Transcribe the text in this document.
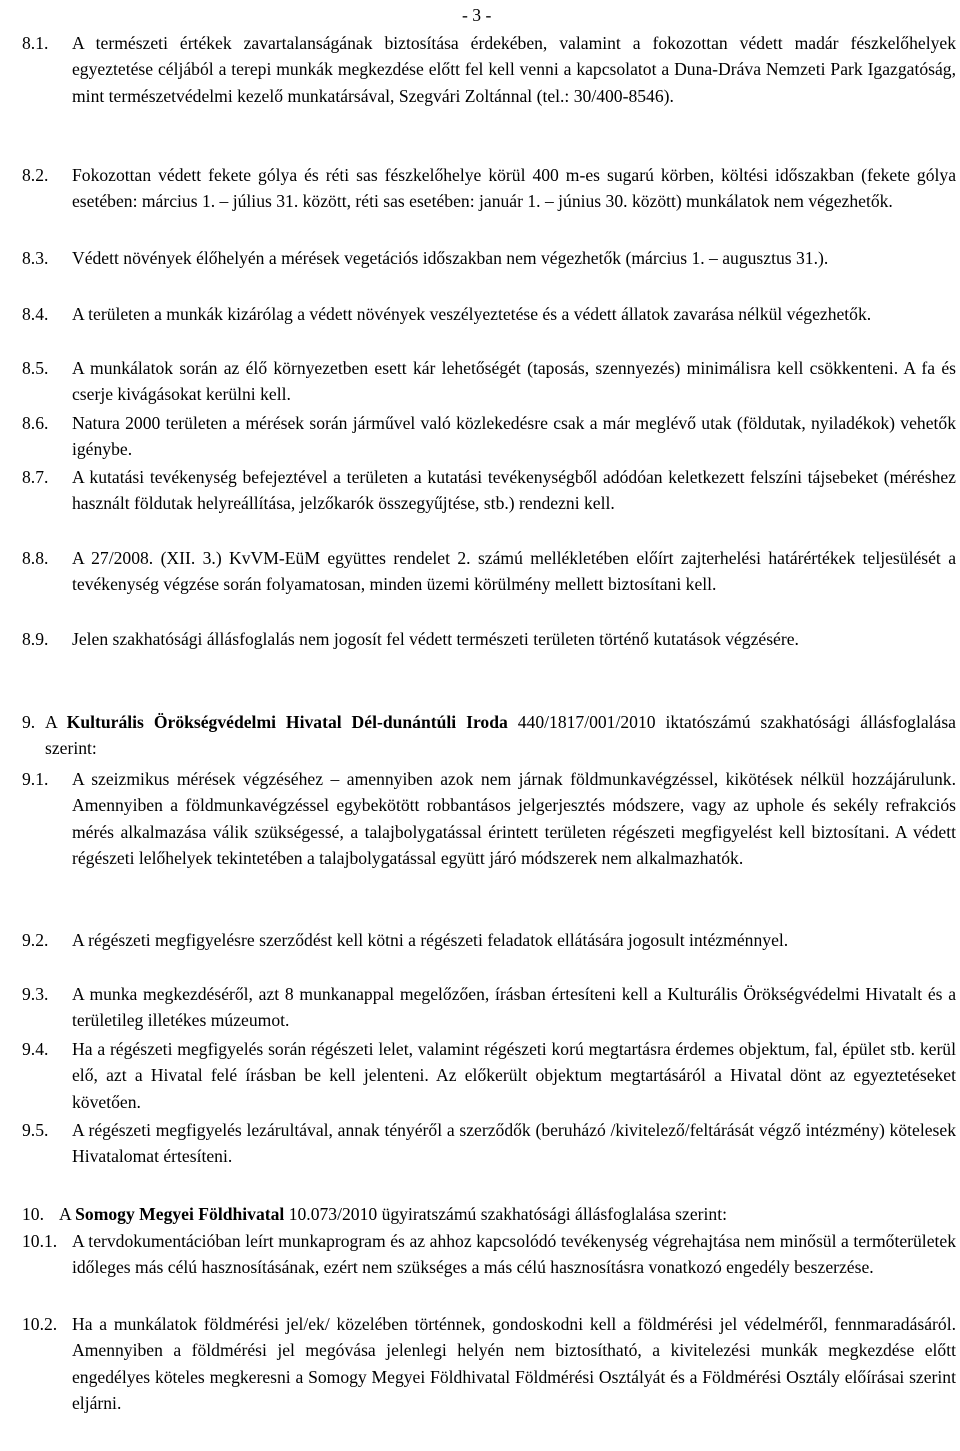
- 3 -
8.1. A természeti értékek zavartalanságának biztosítása érdekében, valamint a fokozottan védett madár fészkelőhelyek egyeztetése céljából a terepi munkák megkezdése előtt fel kell venni a kapcsolatot a Duna-Dráva Nemzeti Park Igazgatóság, mint természetvédelmi kezelő munkatársával, Szegvári Zoltánnal (tel.: 30/400-8546).
8.2. Fokozottan védett fekete gólya és réti sas fészkelőhelye körül 400 m-es sugarú körben, költési időszakban (fekete gólya esetében: március 1. – július 31. között, réti sas esetében: január 1. – június 30. között) munkálatok nem végezhetők.
8.3. Védett növények élőhelyén a mérések vegetációs időszakban nem végezhetők (március 1. – augusztus 31.).
8.4. A területen a munkák kizárólag a védett növények veszélyeztetése és a védett állatok zavarása nélkül végezhetők.
8.5. A munkálatok során az élő környezetben esett kár lehetőségét (taposás, szennyezés) minimálisra kell csökkenteni. A fa és cserje kivágásokat kerülni kell.
8.6. Natura 2000 területen a mérések során járművel való közlekedésre csak a már meglévő utak (földutak, nyiladékok) vehetők igénybe.
8.7. A kutatási tevékenység befejeztével a területen a kutatási tevékenységből adódóan keletkezett felszíni tájsebeket (méréshez használt földutak helyreállítása, jelzőkarók összegyűjtése, stb.) rendezni kell.
8.8. A 27/2008. (XII. 3.) KvVM-EüM együttes rendelet 2. számú mellékletében előírt zajterhelési határértékek teljesülését a tevékenység végzése során folyamatosan, minden üzemi körülmény mellett biztosítani kell.
8.9. Jelen szakhatósági állásfoglalás nem jogosít fel védett természeti területen történő kutatások végzésére.
9. A Kulturális Örökségvédelmi Hivatal Dél-dunántúli Iroda 440/1817/001/2010 iktatószámú szakhatósági állásfoglalása szerint:
9.1. A szeizmikus mérések végzéséhez – amennyiben azok nem járnak földmunkavégzéssel, kikötések nélkül hozzájárulunk. Amennyiben a földmunkavégzéssel egybekötött robbantásos jelgerjesztés módszere, vagy az uphole és sekély refrakciós mérés alkalmazása válik szükségessé, a talajbolygatással érintett területen régészeti megfigyelést kell biztosítani. A védett régészeti lelőhelyek tekintetében a talajbolygatással együtt járó módszerek nem alkalmazhatók.
9.2. A régészeti megfigyelésre szerződést kell kötni a régészeti feladatok ellátására jogosult intézménnyel.
9.3. A munka megkezdéséről, azt 8 munkanappal megelőzően, írásban értesíteni kell a Kulturális Örökségvédelmi Hivatalt és a területileg illetékes múzeumot.
9.4. Ha a régészeti megfigyelés során régészeti lelet, valamint régészeti korú megtartásra érdemes objektum, fal, épület stb. kerül elő, azt a Hivatal felé írásban be kell jelenteni. Az előkerült objektum megtartásáról a Hivatal dönt az egyeztetéseket követően.
9.5. A régészeti megfigyelés lezárultával, annak tényéről a szerződők (beruházó /kivitelező/feltárását végző intézmény) kötelesek Hivatalomat értesíteni.
10. A Somogy Megyei Földhivatal 10.073/2010 ügyiratszámú szakhatósági állásfoglalása szerint:
10.1. A tervdokumentációban leírt munkaprogram és az ahhoz kapcsolódó tevékenység végrehajtása nem minősül a termőterületek időleges más célú hasznosításának, ezért nem szükséges a más célú hasznosításra vonatkozó engedély beszerzése.
10.2. Ha a munkálatok földmérési jel/ek/ közelében történnek, gondoskodni kell a földmérési jel védelméről, fennmaradásáról. Amennyiben a földmérési jel megóvása jelenlegi helyén nem biztosítható, a kivitelezési munkák megkezdése előtt engedélyes köteles megkeresni a Somogy Megyei Földhivatal Földmérési Osztályát és a Földmérési Osztály előírásai szerint eljárni.
